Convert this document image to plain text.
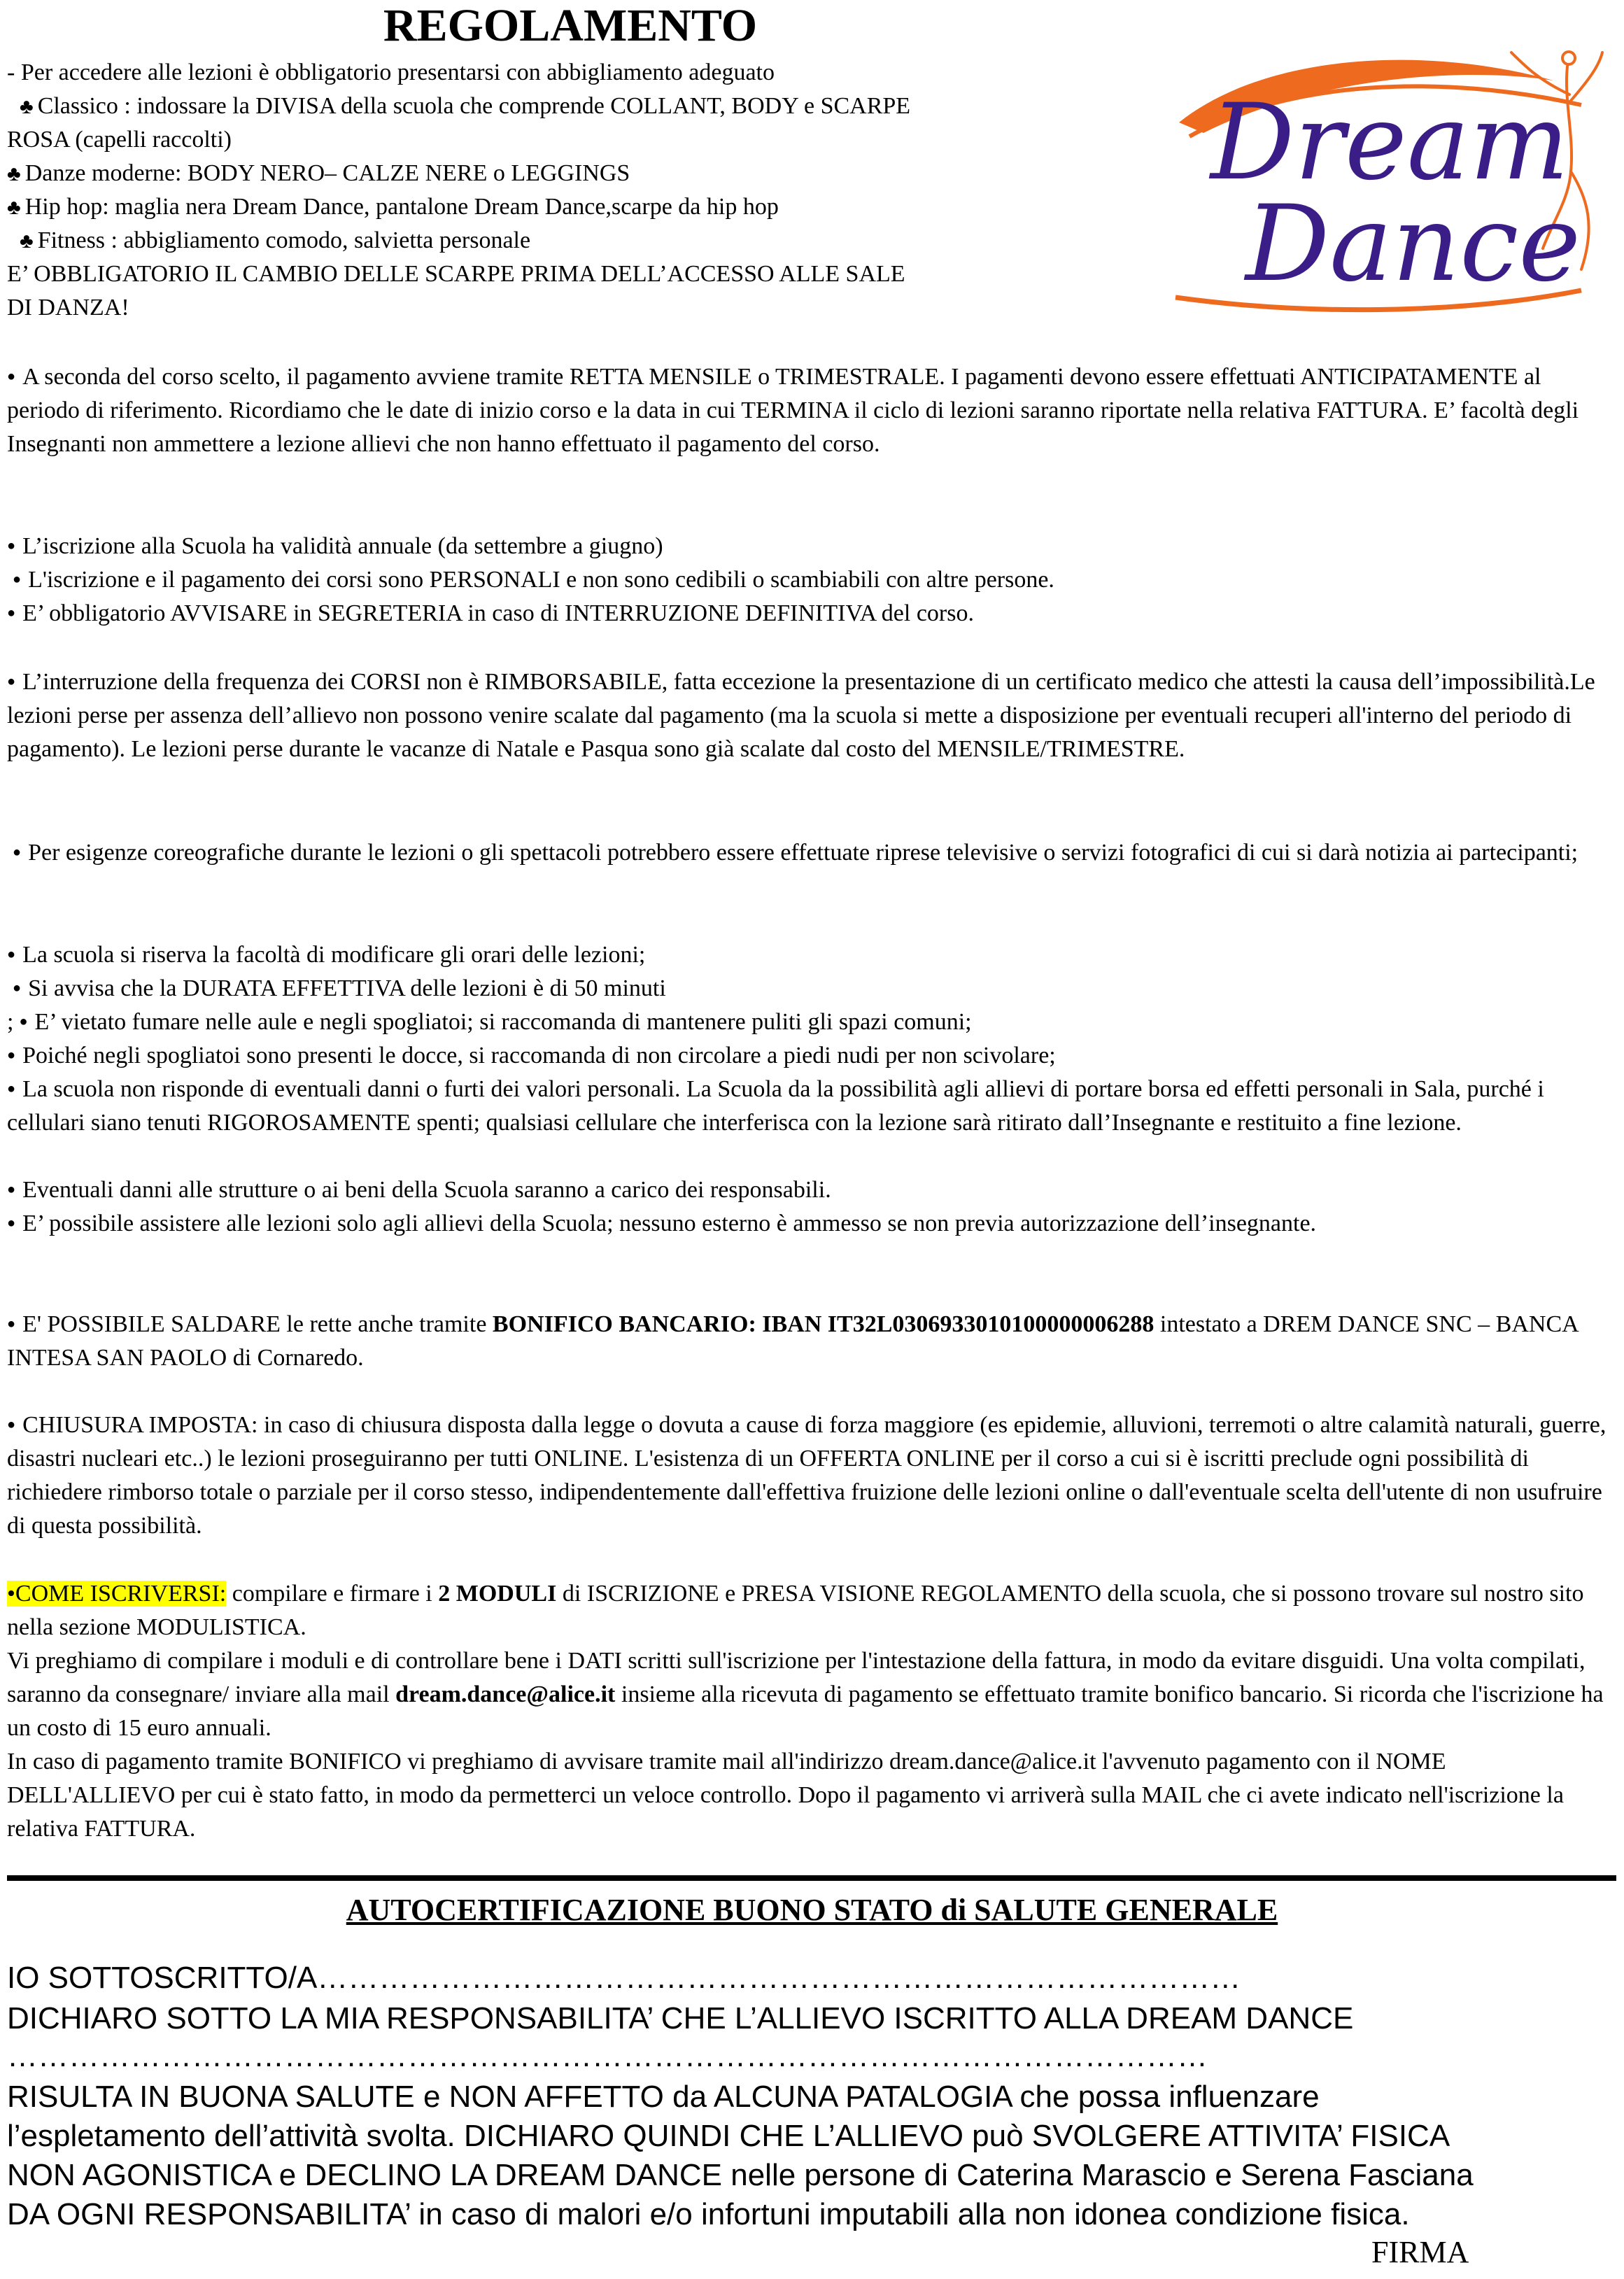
REGOLAMENTO
Dream
Dance
- Per accedere alle lezioni è obbligatorio presentarsi con abbigliamento adeguato
♣ Classico : indossare la DIVISA della scuola che comprende COLLANT, BODY e SCARPE
ROSA (capelli raccolti)
♣ Danze moderne: BODY NERO– CALZE NERE o LEGGINGS
♣ Hip hop: maglia nera Dream Dance, pantalone Dream Dance,scarpe da hip hop
♣ Fitness : abbigliamento comodo, salvietta personale
E’ OBBLIGATORIO IL CAMBIO DELLE SCARPE PRIMA DELL’ACCESSO ALLE SALE
DI DANZA!
● A seconda del corso scelto, il pagamento avviene tramite RETTA MENSILE o TRIMESTRALE. I pagamenti devono essere effettuati ANTICIPATAMENTE al periodo di riferimento. Ricordiamo che le date di inizio corso e la data in cui TERMINA il ciclo di lezioni saranno riportate nella relativa FATTURA. E’ facoltà degli Insegnanti non ammettere a lezione allievi che non hanno effettuato il pagamento del corso.
● L’iscrizione alla Scuola ha validità annuale (da settembre a giugno)
● L'iscrizione e il pagamento dei corsi sono PERSONALI e non sono cedibili o scambiabili con altre persone.
● E’ obbligatorio AVVISARE in SEGRETERIA in caso di INTERRUZIONE DEFINITIVA del corso.
● L’interruzione della frequenza dei CORSI non è RIMBORSABILE, fatta eccezione la presentazione di un certificato medico che attesti la causa dell’impossibilità.Le lezioni perse per assenza dell’allievo non possono venire scalate dal pagamento (ma la scuola si mette a disposizione per eventuali recuperi all'interno del periodo di pagamento). Le lezioni perse durante le vacanze di Natale e Pasqua sono già scalate dal costo del MENSILE/TRIMESTRE.
● Per esigenze coreografiche durante le lezioni o gli spettacoli potrebbero essere effettuate riprese televisive o servizi fotografici di cui si darà notizia ai partecipanti;
● La scuola si riserva la facoltà di modificare gli orari delle lezioni;
● Si avvisa che la DURATA EFFETTIVA delle lezioni è di 50 minuti
; ● E’ vietato fumare nelle aule e negli spogliatoi; si raccomanda di mantenere puliti gli spazi comuni;
● Poiché negli spogliatoi sono presenti le docce, si raccomanda di non circolare a piedi nudi per non scivolare;
● La scuola non risponde di eventuali danni o furti dei valori personali. La Scuola da la possibilità agli allievi di portare borsa ed effetti personali in Sala, purché i cellulari siano tenuti RIGOROSAMENTE spenti; qualsiasi cellulare che interferisca con la lezione sarà ritirato dall’Insegnante e restituito a fine lezione.
● Eventuali danni alle strutture o ai beni della Scuola saranno a carico dei responsabili.
● E’ possibile assistere alle lezioni solo agli allievi della Scuola; nessuno esterno è ammesso se non previa autorizzazione dell’insegnante.
● E' POSSIBILE SALDARE le rette anche tramite BONIFICO BANCARIO: IBAN IT32L0306933010100000006288 intestato a DREM DANCE SNC – BANCA INTESA SAN PAOLO di Cornaredo.
● CHIUSURA IMPOSTA: in caso di chiusura disposta dalla legge o dovuta a cause di forza maggiore (es epidemie, alluvioni, terremoti o altre calamità naturali, guerre, disastri nucleari etc..) le lezioni proseguiranno per tutti ONLINE. L'esistenza di un OFFERTA ONLINE per il corso a cui si è iscritti preclude ogni possibilità di richiedere rimborso totale o parziale per il corso stesso, indipendentemente dall'effettiva fruizione delle lezioni online o dall'eventuale scelta dell'utente di non usufruire di questa possibilità.
•COME ISCRIVERSI: compilare e firmare i 2 MODULI di ISCRIZIONE e PRESA VISIONE REGOLAMENTO della scuola, che si possono trovare sul nostro sito nella sezione MODULISTICA.
Vi preghiamo di compilare i moduli e di controllare bene i DATI scritti sull'iscrizione per l'intestazione della fattura, in modo da evitare disguidi. Una volta compilati, saranno da consegnare/ inviare alla mail dream.dance@alice.it insieme alla ricevuta di pagamento se effettuato tramite bonifico bancario. Si ricorda che l'iscrizione ha un costo di 15 euro annuali.
In caso di pagamento tramite BONIFICO vi preghiamo di avvisare tramite mail all'indirizzo dream.dance@alice.it l'avvenuto pagamento con il NOME DELL'ALLIEVO per cui è stato fatto, in modo da permetterci un veloce controllo. Dopo il pagamento vi arriverà sulla MAIL che ci avete indicato nell'iscrizione la relativa FATTURA.
AUTOCERTIFICAZIONE BUONO STATO di SALUTE GENERALE
IO SOTTOSCRITTO/A………………………………………………………………………………
DICHIARO SOTTO LA MIA RESPONSABILITA’ CHE L’ALLIEVO ISCRITTO ALLA DREAM DANCE
………………………………………………………………………………………………………
RISULTA IN BUONA SALUTE e NON AFFETTO da ALCUNA PATALOGIA che possa influenzare
l’espletamento dell’attività svolta. DICHIARO QUINDI CHE L’ALLIEVO può SVOLGERE ATTIVITA’ FISICA
NON AGONISTICA e DECLINO LA DREAM DANCE nelle persone di Caterina Marascio e Serena Fasciana
DA OGNI RESPONSABILITA’ in caso di malori e/o infortuni imputabili alla non idonea condizione fisica.
FIRMA
